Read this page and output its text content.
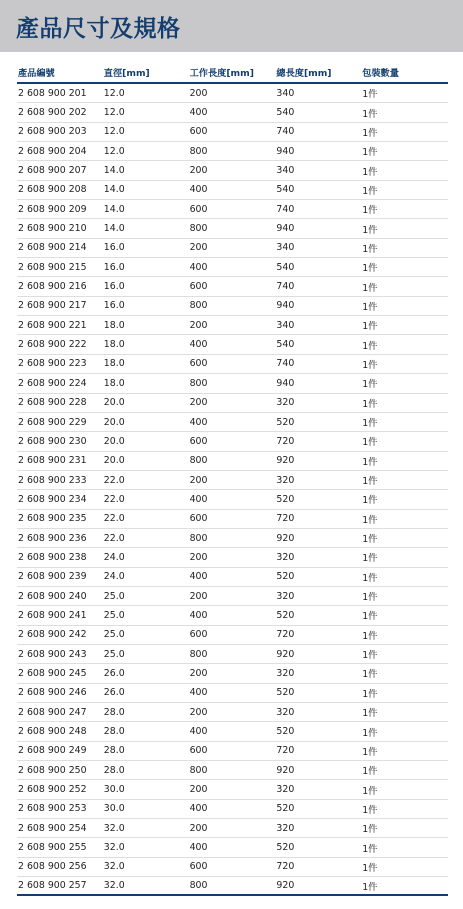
產品尺寸及規格
產品編號	直徑[mm]	工作長度[mm]	總長度[mm]	包裝數量
2 608 900 201	12.0	200	340	1件
2 608 900 202	12.0	400	540	1件
2 608 900 203	12.0	600	740	1件
2 608 900 204	12.0	800	940	1件
2 608 900 207	14.0	200	340	1件
2 608 900 208	14.0	400	540	1件
2 608 900 209	14.0	600	740	1件
2 608 900 210	14.0	800	940	1件
2 608 900 214	16.0	200	340	1件
2 608 900 215	16.0	400	540	1件
2 608 900 216	16.0	600	740	1件
2 608 900 217	16.0	800	940	1件
2 608 900 221	18.0	200	340	1件
2 608 900 222	18.0	400	540	1件
2 608 900 223	18.0	600	740	1件
2 608 900 224	18.0	800	940	1件
2 608 900 228	20.0	200	320	1件
2 608 900 229	20.0	400	520	1件
2 608 900 230	20.0	600	720	1件
2 608 900 231	20.0	800	920	1件
2 608 900 233	22.0	200	320	1件
2 608 900 234	22.0	400	520	1件
2 608 900 235	22.0	600	720	1件
2 608 900 236	22.0	800	920	1件
2 608 900 238	24.0	200	320	1件
2 608 900 239	24.0	400	520	1件
2 608 900 240	25.0	200	320	1件
2 608 900 241	25.0	400	520	1件
2 608 900 242	25.0	600	720	1件
2 608 900 243	25.0	800	920	1件
2 608 900 245	26.0	200	320	1件
2 608 900 246	26.0	400	520	1件
2 608 900 247	28.0	200	320	1件
2 608 900 248	28.0	400	520	1件
2 608 900 249	28.0	600	720	1件
2 608 900 250	28.0	800	920	1件
2 608 900 252	30.0	200	320	1件
2 608 900 253	30.0	400	520	1件
2 608 900 254	32.0	200	320	1件
2 608 900 255	32.0	400	520	1件
2 608 900 256	32.0	600	720	1件
2 608 900 257	32.0	800	920	1件
